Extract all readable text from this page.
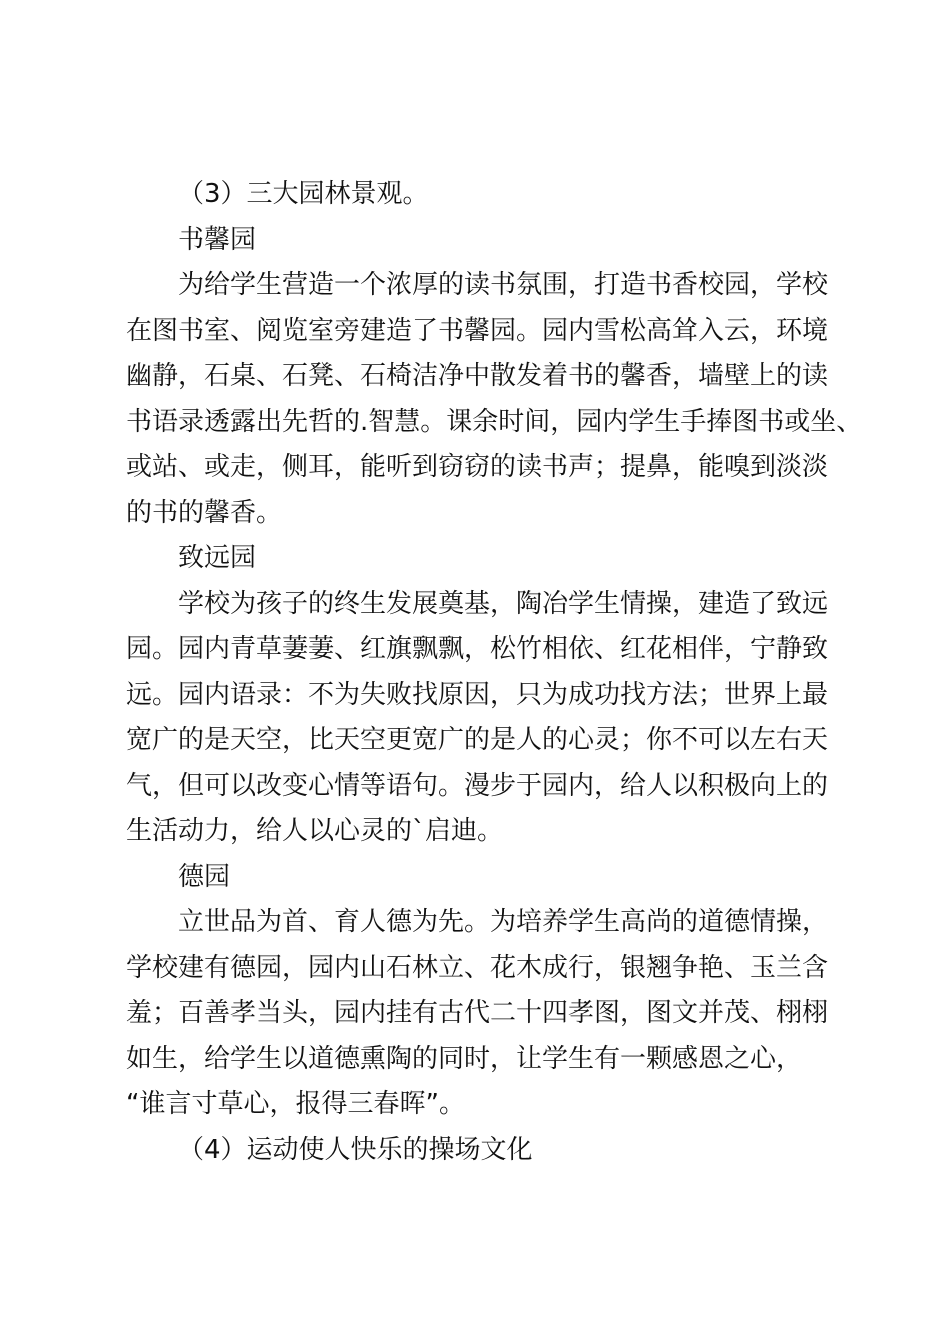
（3）三大园林景观。
书馨园
为给学生营造一个浓厚的读书氛围，打造书香校园，学校
在图书室、阅览室旁建造了书馨园。园内雪松高耸入云，环境
幽静，石桌、石凳、石椅洁净中散发着书的馨香，墙壁上的读
书语录透露出先哲的.智慧。课余时间，园内学生手捧图书或坐、
或站、或走，侧耳，能听到窃窃的读书声；提鼻，能嗅到淡淡
的书的馨香。
致远园
学校为孩子的终生发展奠基，陶冶学生情操，建造了致远
园。园内青草萋萋、红旗飘飘，松竹相依、红花相伴，宁静致
远。园内语录：不为失败找原因，只为成功找方法；世界上最
宽广的是天空，比天空更宽广的是人的心灵；你不可以左右天
气，但可以改变心情等语句。漫步于园内，给人以积极向上的
生活动力，给人以心灵的`启迪。
德园
立世品为首、育人德为先。为培养学生高尚的道德情操，
学校建有德园，园内山石林立、花木成行，银翘争艳、玉兰含
羞；百善孝当头，园内挂有古代二十四孝图，图文并茂、栩栩
如生，给学生以道德熏陶的同时，让学生有一颗感恩之心，
“谁言寸草心，报得三春晖”。
（4）运动使人快乐的操场文化
